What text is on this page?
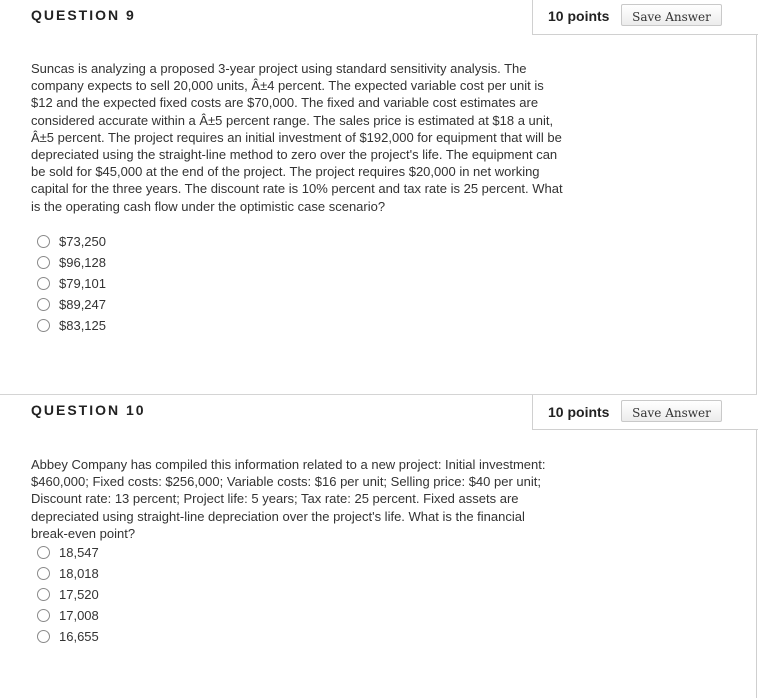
QUESTION 9	10 points	Save Answer

Suncas is analyzing a proposed 3-year project using standard sensitivity analysis. The company expects to sell 20,000 units, Â±4 percent. The expected variable cost per unit is $12 and the expected fixed costs are $70,000. The fixed and variable cost estimates are considered accurate within a Â±5 percent range. The sales price is estimated at $18 a unit, Â±5 percent. The project requires an initial investment of $192,000 for equipment that will be depreciated using the straight-line method to zero over the project's life. The equipment can be sold for $45,000 at the end of the project. The project requires $20,000 in net working capital for the three years. The discount rate is 10% percent and tax rate is 25 percent. What is the operating cash flow under the optimistic case scenario?

$73,250
$96,128
$79,101
$89,247
$83,125
QUESTION 10	10 points	Save Answer

Abbey Company has compiled this information related to a new project: Initial investment: $460,000; Fixed costs: $256,000; Variable costs: $16 per unit; Selling price: $40 per unit; Discount rate: 13 percent; Project life: 5 years; Tax rate: 25 percent. Fixed assets are depreciated using straight-line depreciation over the project's life. What is the financial break-even point?

18,547
18,018
17,520
17,008
16,655
